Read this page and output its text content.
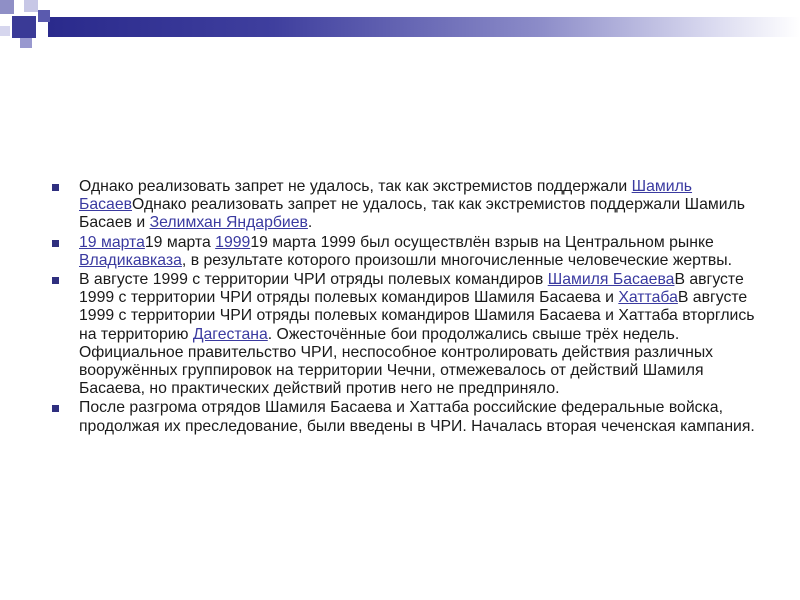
Однако реализовать запрет не удалось, так как экстремистов поддержали Шамиль БасаевОднако реализовать запрет не удалось, так как экстремистов поддержали Шамиль Басаев и Зелимхан Яндарбиев.
19 марта19 марта 199919 марта 1999 был осуществлён взрыв на Центральном рынке Владикавказа, в результате которого произошли многочисленные человеческие жертвы.
В августе 1999 с территории ЧРИ отряды полевых командиров Шамиля БасаеваВ августе 1999 с территории ЧРИ отряды полевых командиров Шамиля Басаева и ХаттабаВ августе 1999 с территории ЧРИ отряды полевых командиров Шамиля Басаева и Хаттаба вторглись на территорию Дагестана. Ожесточённые бои продолжались свыше трёх недель. Официальное правительство ЧРИ, неспособное контролировать действия различных вооружённых группировок на территории Чечни, отмежевалось от действий Шамиля Басаева, но практических действий против него не предприняло.
После разгрома отрядов Шамиля Басаева и Хаттаба российские федеральные войска, продолжая их преследование, были введены в ЧРИ. Началась вторая чеченская кампания.
